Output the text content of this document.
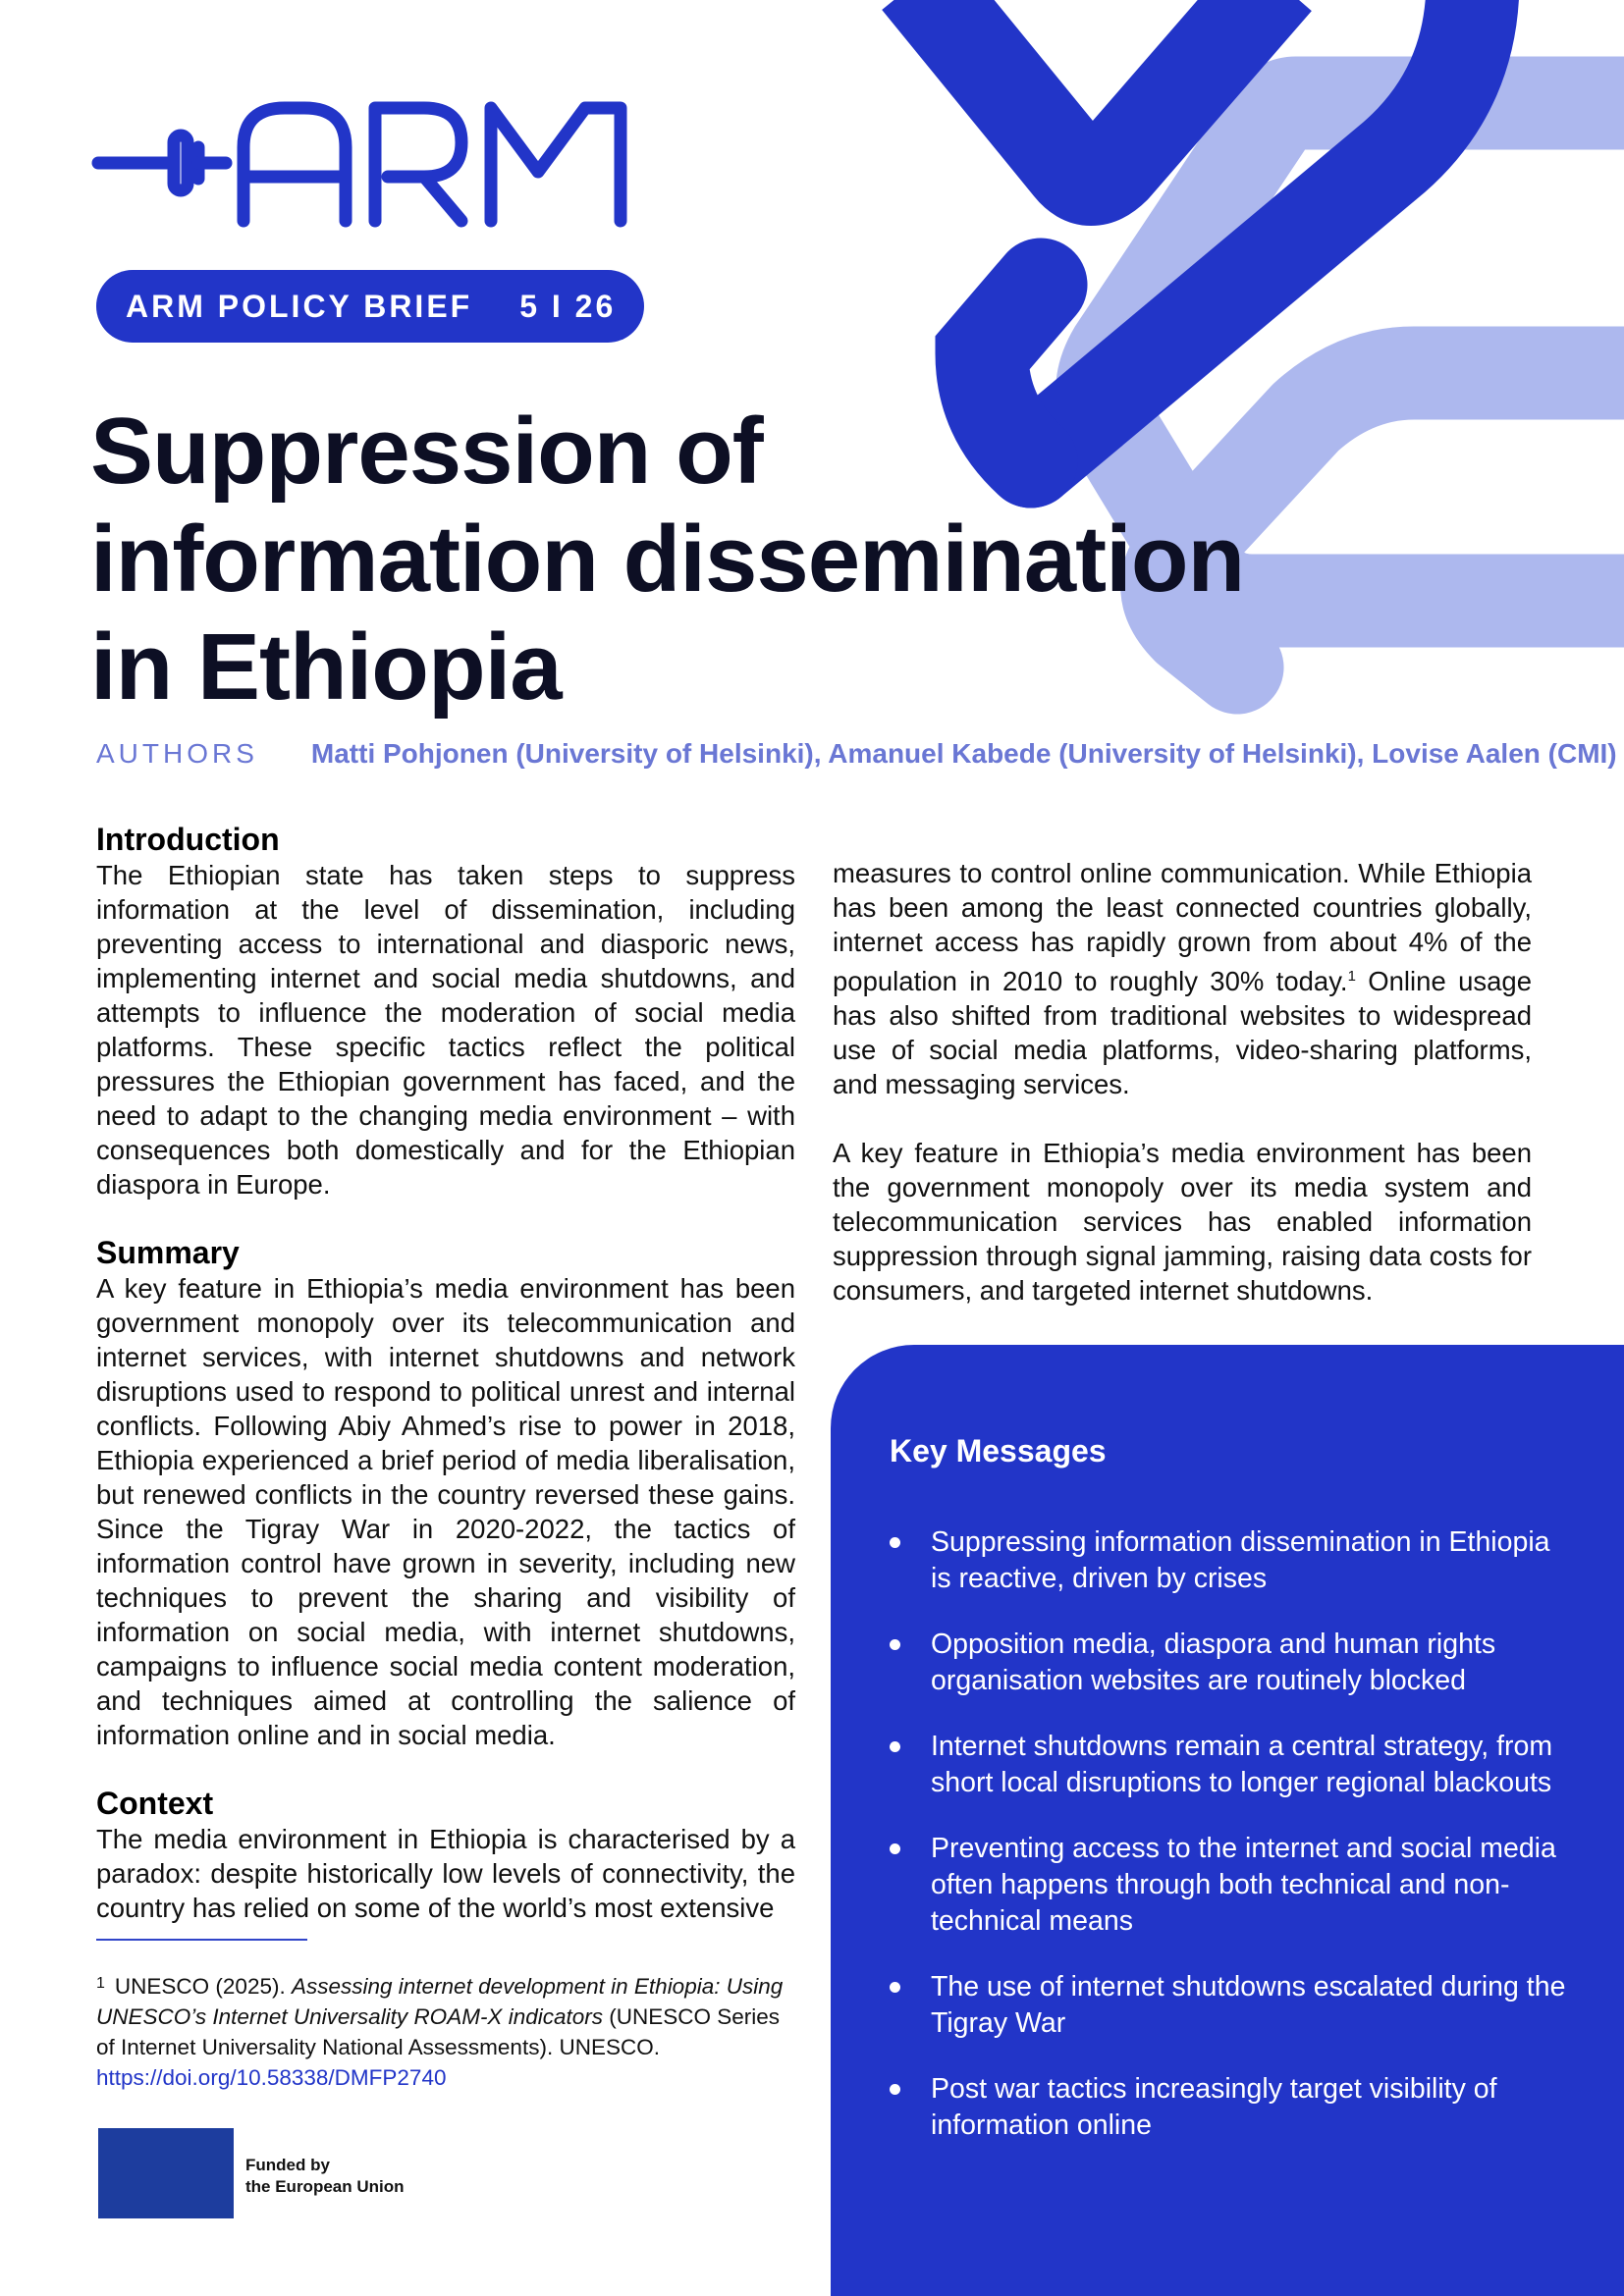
ARM POLICY BRIEF 5 I 26
Suppression of
information dissemination
in Ethiopia
AUTHORS Matti Pohjonen (University of Helsinki), Amanuel Kabede (University of Helsinki), Lovise Aalen (CMI)
Introduction

The Ethiopian state has taken steps to suppress information at the level of dissemination, including preventing access to international and diasporic news, implementing internet and social media shutdowns, and attempts to influence the moderation of social media platforms. These specific tactics reflect the political pressures the Ethiopian government has faced, and the need to adapt to the changing media environment – with consequences both domestically and for the Ethiopian diaspora in Europe.

Summary

A key feature in Ethiopia’s media environment has been government monopoly over its telecommunication and internet services, with internet shutdowns and network disruptions used to respond to political unrest and internal conflicts. Following Abiy Ahmed’s rise to power in 2018, Ethiopia experienced a brief period of media liberalisation, but renewed conflicts in the country reversed these gains. Since the Tigray War in 2020-2022, the tactics of information control have grown in severity, including new techniques to prevent the sharing and visibility of information on social media, with internet shutdowns, campaigns to influence social media content moderation, and techniques aimed at controlling the salience of information online and in social media.

Context

The media environment in Ethiopia is characterised by a paradox: despite historically low levels of connectivity, the country has relied on some of the world’s most extensive

measures to control online communication. While Ethiopia has been among the least connected countries globally, internet access has rapidly grown from about 4% of the population in 2010 to roughly 30% today.$^1$ Online usage has also shifted from traditional websites to widespread use of social media platforms, video-sharing platforms, and messaging services.

A key feature in Ethiopia’s media environment has been the government monopoly over its media system and telecommunication services has enabled information suppression through signal jamming, raising data costs for consumers, and targeted internet shutdowns.

$^1$ UNESCO (2025). Assessing internet development in Ethiopia: Using UNESCO’s Internet Universality ROAM-X indicators (UNESCO Series of Internet Universality National Assessments). UNESCO.
https://doi.org/10.58338/DMFP2740
Funded by
the European Union
Key Messages
Suppressing information dissemination in Ethiopia is reactive, driven by crises
Opposition media, diaspora and human rights organisation websites are routinely blocked
Internet shutdowns remain a central strategy, from short local disruptions to longer regional blackouts
Preventing access to the internet and social media often happens through both technical and non-technical means
The use of internet shutdowns escalated during the Tigray War
Post war tactics increasingly target visibility of information online
